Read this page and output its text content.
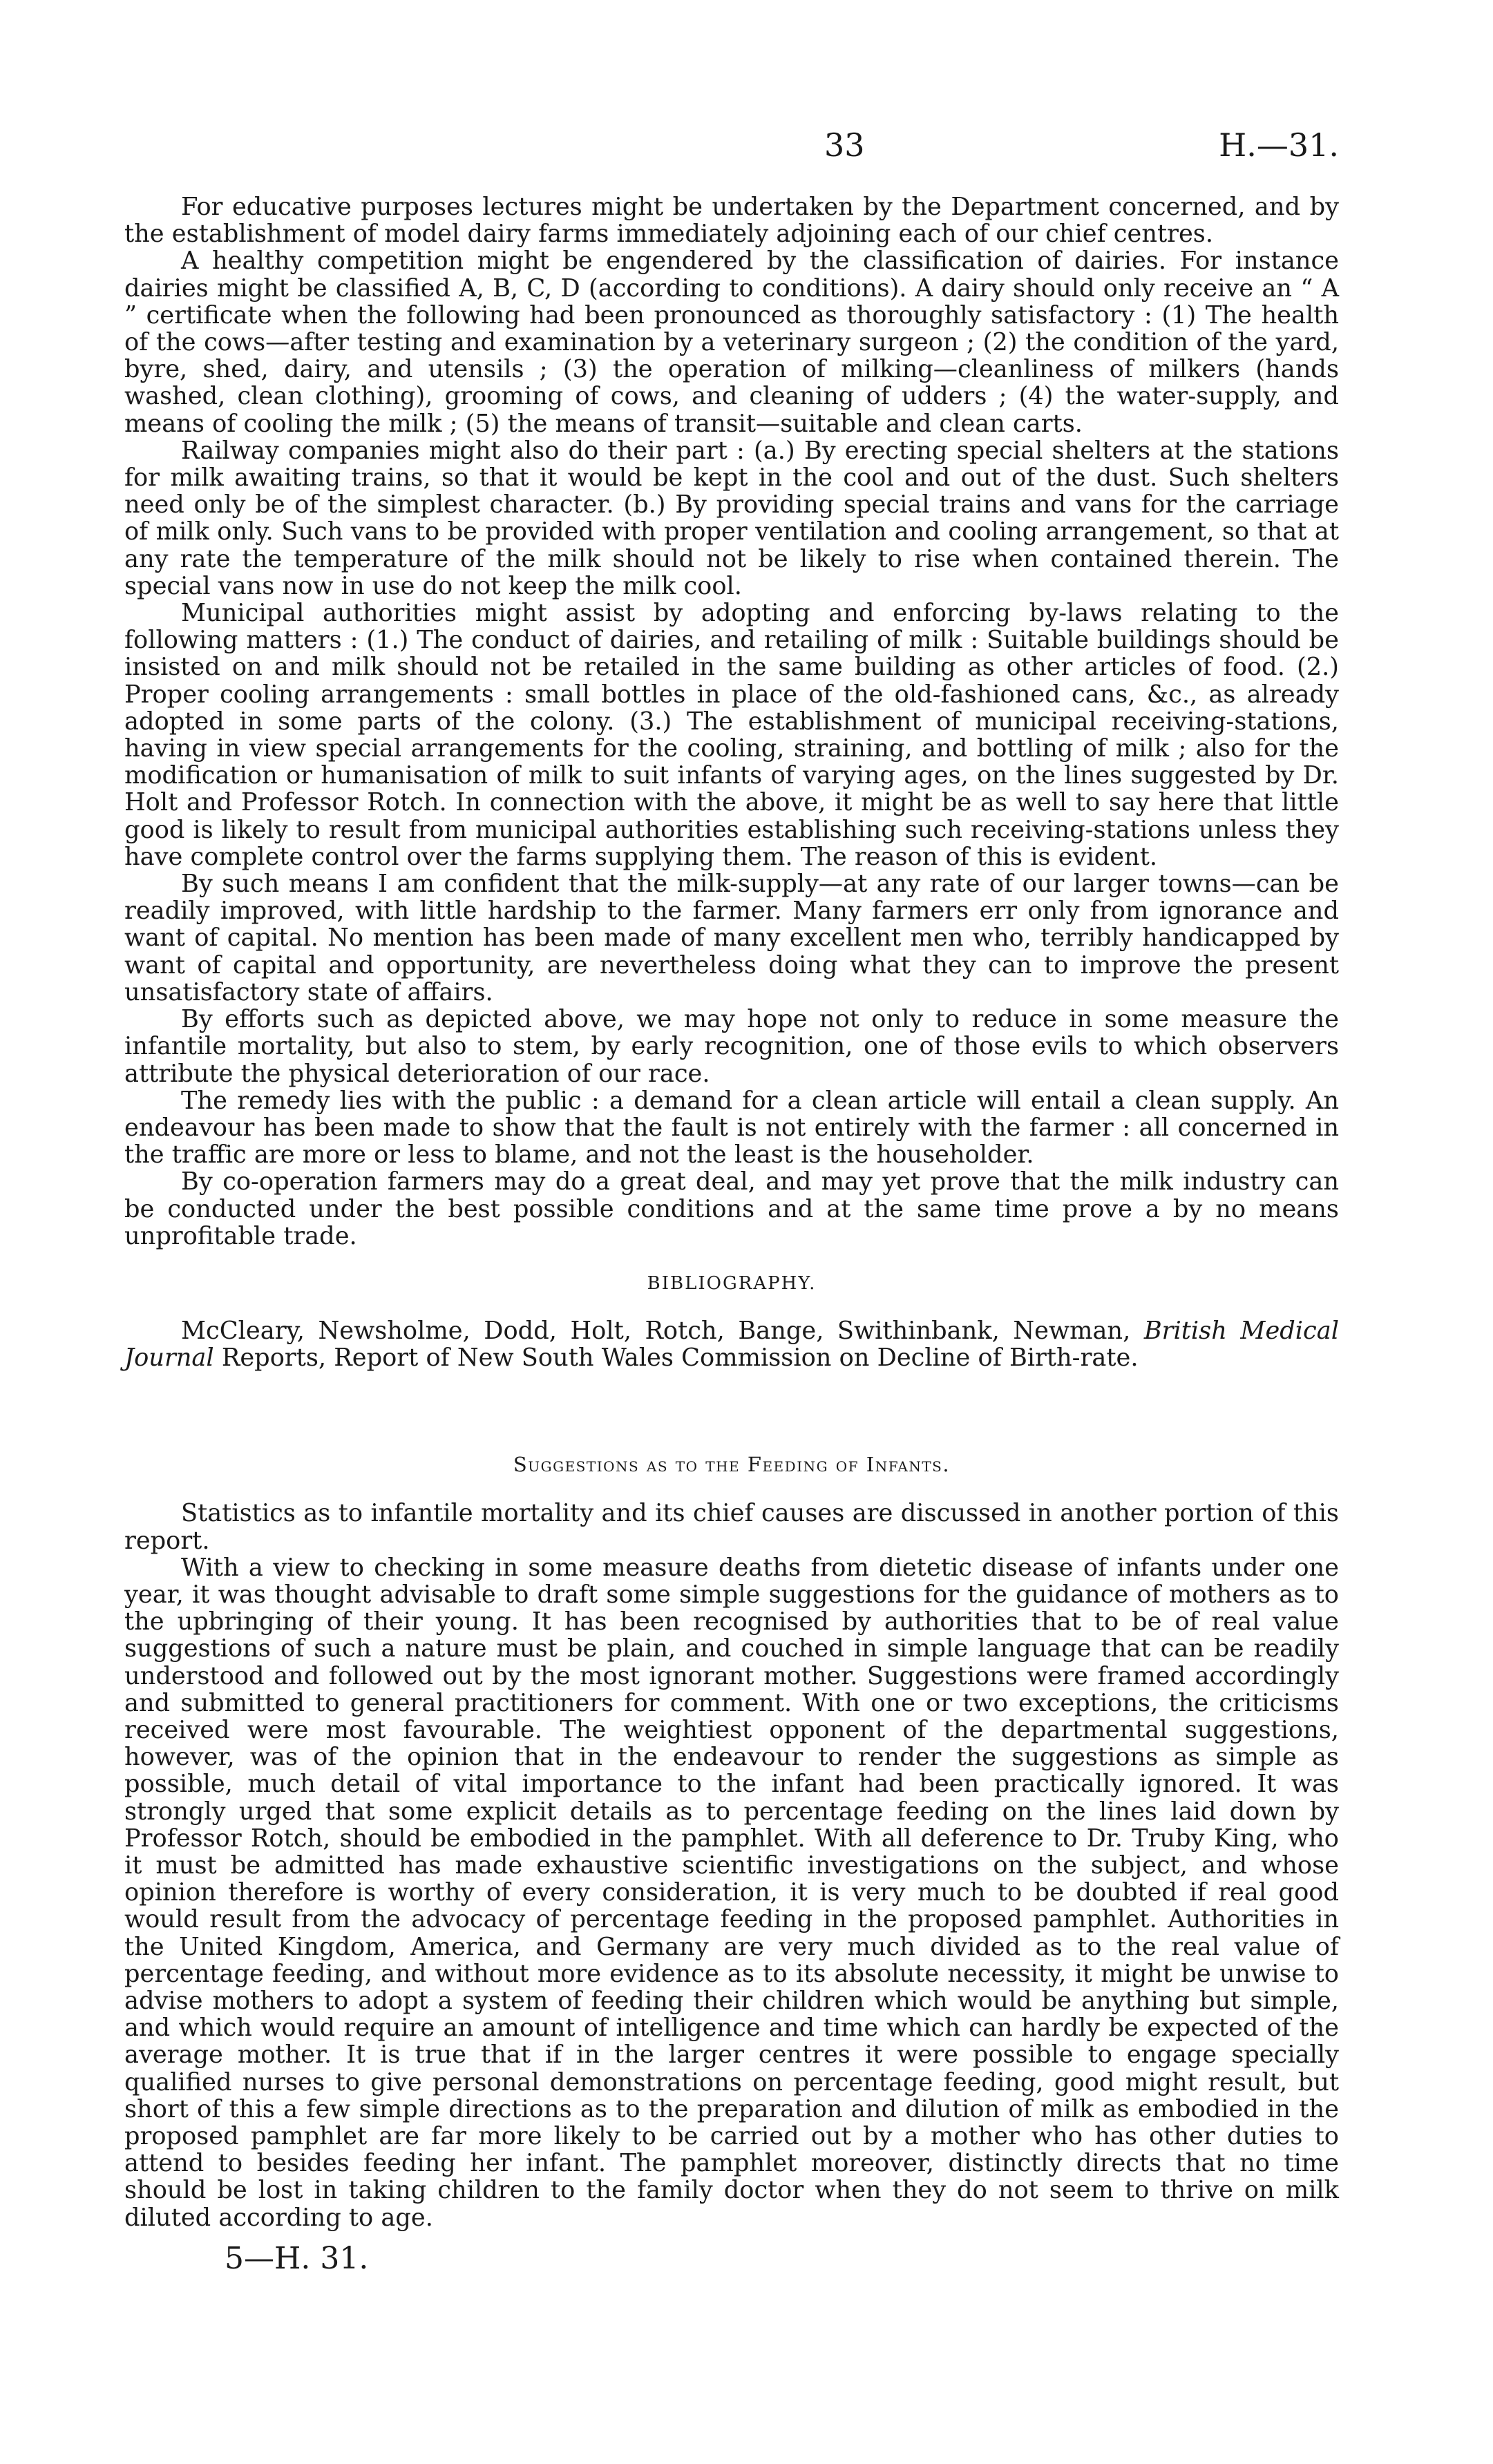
33	H.—31.

For educative purposes lectures might be undertaken by the Department concerned, and by the establishment of model dairy farms immediately adjoining each of our chief centres.

A healthy competition might be engendered by the classification of dairies. For instance dairies might be classified A, B, C, D (according to conditions). A dairy should only receive an “ A ” certificate when the following had been pronounced as thoroughly satisfactory : (1) The health of the cows—after testing and examination by a veterinary surgeon ; (2) the condition of the yard, byre, shed, dairy, and utensils ; (3) the operation of milking—cleanliness of milkers (hands washed, clean clothing), grooming of cows, and cleaning of udders ; (4) the water-supply, and means of cooling the milk ; (5) the means of transit—suitable and clean carts.

Railway companies might also do their part : (a.) By erecting special shelters at the stations for milk awaiting trains, so that it would be kept in the cool and out of the dust. Such shelters need only be of the simplest character. (b.) By providing special trains and vans for the carriage of milk only. Such vans to be provided with proper ventilation and cooling arrangement, so that at any rate the temperature of the milk should not be likely to rise when contained therein. The special vans now in use do not keep the milk cool.

Municipal authorities might assist by adopting and enforcing by-laws relating to the following matters : (1.) The conduct of dairies, and retailing of milk : Suitable buildings should be insisted on and milk should not be retailed in the same building as other articles of food. (2.) Proper cooling arrangements : small bottles in place of the old-fashioned cans, &c., as already adopted in some parts of the colony. (3.) The establishment of municipal receiving-stations, having in view special arrangements for the cooling, straining, and bottling of milk ; also for the modification or humanisation of milk to suit infants of varying ages, on the lines suggested by Dr. Holt and Professor Rotch. In connection with the above, it might be as well to say here that little good is likely to result from municipal authorities establishing such receiving-stations unless they have complete control over the farms supplying them. The reason of this is evident.

By such means I am confident that the milk-supply—at any rate of our larger towns—can be readily improved, with little hardship to the farmer. Many farmers err only from ignorance and want of capital. No mention has been made of many excellent men who, terribly handicapped by want of capital and opportunity, are nevertheless doing what they can to improve the present unsatisfactory state of affairs.

By efforts such as depicted above, we may hope not only to reduce in some measure the infantile mortality, but also to stem, by early recognition, one of those evils to which observers attribute the physical deterioration of our race.

The remedy lies with the public : a demand for a clean article will entail a clean supply. An endeavour has been made to show that the fault is not entirely with the farmer : all concerned in the traffic are more or less to blame, and not the least is the householder.

By co-operation farmers may do a great deal, and may yet prove that the milk industry can be conducted under the best possible conditions and at the same time prove a by no means unprofitable trade.

BIBLIOGRAPHY.

McCleary, Newsholme, Dodd, Holt, Rotch, Bange, Swithinbank, Newman, British Medical Journal Reports, Report of New South Wales Commission on Decline of Birth-rate.

Suggestions as to the Feeding of Infants.

Statistics as to infantile mortality and its chief causes are discussed in another portion of this report.

With a view to checking in some measure deaths from dietetic disease of infants under one year, it was thought advisable to draft some simple suggestions for the guidance of mothers as to the upbringing of their young. It has been recognised by authorities that to be of real value suggestions of such a nature must be plain, and couched in simple language that can be readily understood and followed out by the most ignorant mother. Suggestions were framed accordingly and submitted to general practitioners for comment. With one or two exceptions, the criticisms received were most favourable. The weightiest opponent of the departmental suggestions, however, was of the opinion that in the endeavour to render the suggestions as simple as possible, much detail of vital importance to the infant had been practically ignored. It was strongly urged that some explicit details as to percentage feeding on the lines laid down by Professor Rotch, should be embodied in the pamphlet. With all deference to Dr. Truby King, who it must be admitted has made exhaustive scientific investigations on the subject, and whose opinion therefore is worthy of every consideration, it is very much to be doubted if real good would result from the advocacy of percentage feeding in the proposed pamphlet. Authorities in the United Kingdom, America, and Germany are very much divided as to the real value of percentage feeding, and without more evidence as to its absolute necessity, it might be unwise to advise mothers to adopt a system of feeding their children which would be anything but simple, and which would require an amount of intelligence and time which can hardly be expected of the average mother. It is true that if in the larger centres it were possible to engage specially qualified nurses to give personal demonstrations on percentage feeding, good might result, but short of this a few simple directions as to the preparation and dilution of milk as embodied in the proposed pamphlet are far more likely to be carried out by a mother who has other duties to attend to besides feeding her infant. The pamphlet moreover, distinctly directs that no time should be lost in taking children to the family doctor when they do not seem to thrive on milk diluted according to age.

5—H. 31.
